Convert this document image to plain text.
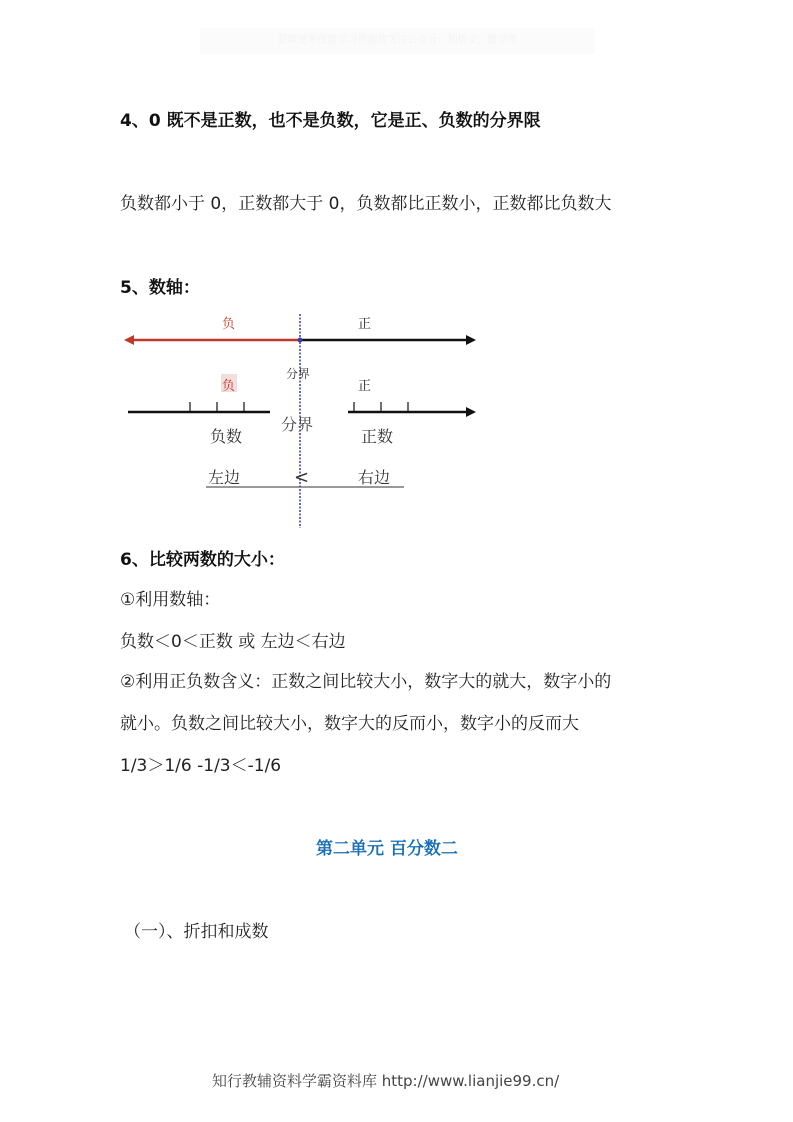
获取更多优质学习资源请关注公众号：知语文，微学堂
4、0 既不是正数，也不是负数，它是正、负数的分界限
负数都小于 0，正数都大于 0，负数都比正数小，正数都比负数大
5、数轴：
负	正
分界
负	正
分界
负数	正数
左边	<	右边
6、比较两数的大小：
①利用数轴：
负数＜0＜正数 或 左边＜右边
②利用正负数含义：正数之间比较大小，数字大的就大，数字小的
就小。负数之间比较大小，数字大的反而小，数字小的反而大
1/3＞1/6 -1/3＜-1/6
第二单元 百分数二
（一）、折扣和成数
知行教辅资料学霸资料库 http://www.lianjie99.cn/
